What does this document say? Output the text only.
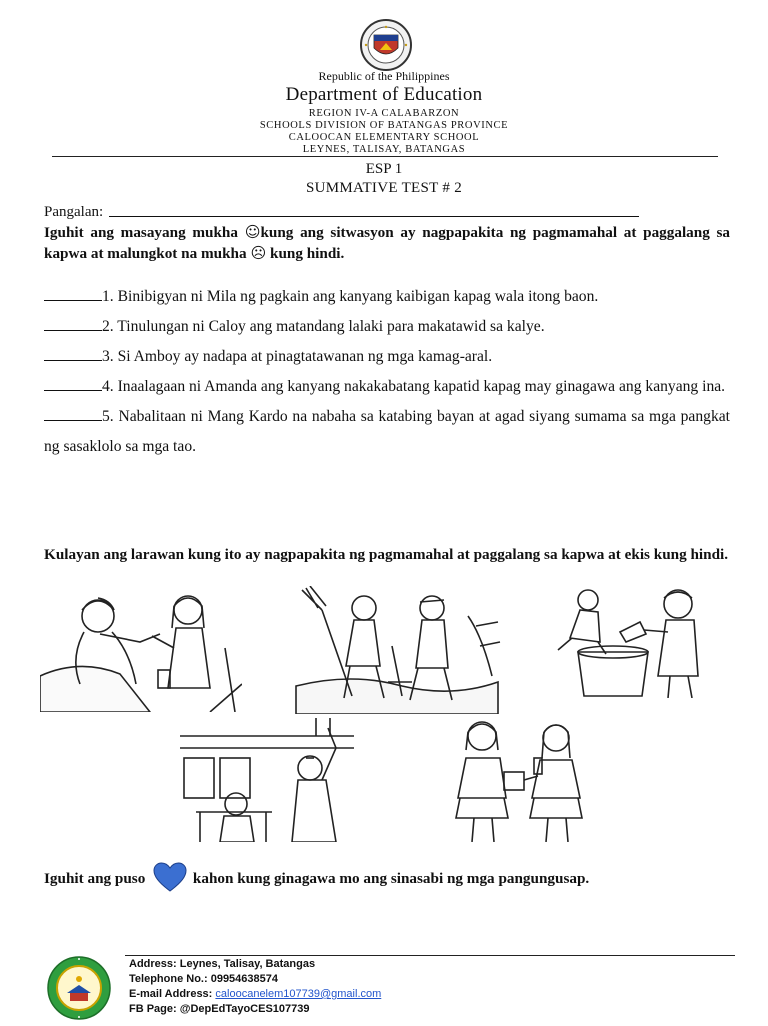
Republic of the Philippines
Department of Education
REGION IV-A CALABARZON
SCHOOLS DIVISION OF BATANGAS PROVINCE
CALOOCAN ELEMENTARY SCHOOL
LEYNES, TALISAY, BATANGAS
ESP 1
SUMMATIVE TEST # 2
Pangalan:
Iguhit ang masayang mukha ☺kung ang sitwasyon ay nagpapakita ng pagmamahal at paggalang sa kapwa at malungkot na mukha ☹ kung hindi.

1. Binibigyan ni Mila ng pagkain ang kanyang kaibigan kapag wala itong baon.

2. Tinulungan ni Caloy ang matandang lalaki para makatawid sa kalye.

3. Si Amboy ay nadapa at pinagtatawanan ng mga kamag-aral.

4. Inaalagaan ni Amanda ang kanyang nakakabatang kapatid kapag may ginagawa ang kanyang ina.

5. Nabalitaan ni Mang Kardo na nabaha sa katabing bayan at agad siyang sumama sa mga pangkat ng sasaklolo sa mga tao.

Kulayan ang larawan kung ito ay nagpapakita ng pagmamahal at paggalang sa kapwa at ekis kung hindi.
Iguhit ang puso	kahon kung ginagawa mo ang sinasabi ng mga pangungusap.
Address: Leynes, Talisay, Batangas
Telephone No.: 09954638574
E-mail Address: caloocanelem107739@gmail.com
FB Page: @DepEdTayoCES107739
